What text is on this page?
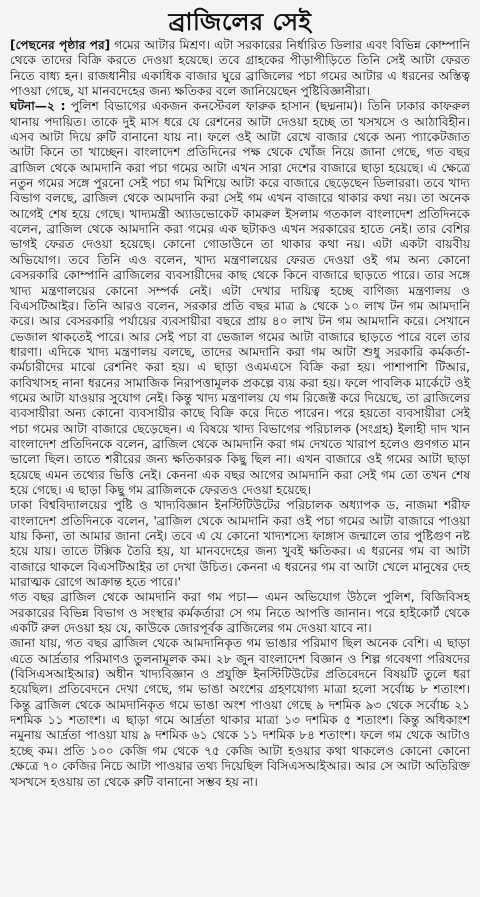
ব্রাজিলের সেই

[পেছনের পৃষ্ঠার পর] গমের আটার মিশ্রণ। এটা সরকারের নির্ধারিত ডিলার এবং বিভিন্ন কোম্পানি থেকে তাদের বিক্রি করতে দেওয়া হয়েছে। তবে গ্রাহকের পীড়াপীড়িতে তিনি সেই আটা ফেরত নিতে বাধ্য হন। রাজধানীর একাধিক বাজার ঘুরে ব্রাজিলের পচা গমের আটার এ ধরনের অস্তিত্ব পাওয়া গেছে, যা মানবদেহের জন্য ক্ষতিকর বলে জানিয়েছেন পুষ্টিবিজ্ঞানীরা।

ঘটনা—২ : পুলিশ বিভাগের একজন কনস্টেবল ফারুক হাসান (ছদ্মনাম)। তিনি ঢাকার কাফরুল থানায় পদায়িত। তাকে দুই মাস ধরে যে রেশনের আটা দেওয়া হচ্ছে তা খসখসে ও আঠাবিহীন। এসব আটা দিয়ে রুটি বানানো যায় না। ফলে ওই আটা রেখে বাজার থেকে অন্য প্যাকেটজাত আটা কিনে তা খাচ্ছেন। বাংলাদেশ প্রতিদিনের পক্ষ থেকে খোঁজ নিয়ে জানা গেছে, গত বছর ব্রাজিল থেকে আমদানি করা পচা গমের আটা এখন সারা দেশের বাজারে ছাড়া হয়েছে। এ ক্ষেত্রে নতুন গমের সঙ্গে পুরনো সেই পচা গম মিশিয়ে আটা করে বাজারে ছেড়েছেন ডিলাররা। তবে খাদ্য বিভাগ বলছে, ব্রাজিল থেকে আমদানি করা সেই গম এখন বাজারে থাকার কথা নয়। তা অনেক আগেই শেষ হয়ে গেছে। খাদ্যমন্ত্রী অ্যাডভোকেট কামরুল ইসলাম গতকাল বাংলাদেশ প্রতিদিনকে বলেন, ব্রাজিল থেকে আমদানি করা গমের এক ছটাকও এখন সরকারের হাতে নেই। তার বেশির ভাগই ফেরত দেওয়া হয়েছে। কোনো গোডাউনে তা থাকার কথা নয়। এটা একটা বায়বীয় অভিযোগ। তবে তিনি এও বলেন, খাদ্য মন্ত্রণালয়ের ফেরত দেওয়া ওই গম অন্য কোনো বেসরকারি কোম্পানি ব্রাজিলের ব্যবসায়ীদের কাছ থেকে কিনে বাজারে ছাড়তে পারে। তার সঙ্গে খাদ্য মন্ত্রণালয়ের কোনো সম্পর্ক নেই। এটা দেখার দায়িত্ব হচ্ছে বাণিজ্য মন্ত্রণালয় ও বিএসটিআইর। তিনি আরও বলেন, সরকার প্রতি বছর মাত্র ৯ থেকে ১০ লাখ টন গম আমদানি করে। আর বেসরকারি পর্যায়ের ব্যবসায়ীরা বছরে প্রায় ৪০ লাখ টন গম আমদানি করে। সেখানে ভেজাল থাকতেই পারে। আর সেই পচা বা ভেজাল গমের আটা বাজারে ছাড়তে পারে বলে তার ধারণা। এদিকে খাদ্য মন্ত্রণালয় বলছে, তাদের আমদানি করা গম আটা শুধু সরকারি কর্মকর্তা-কর্মচারীদের মাঝে রেশনিং করা হয়। এ ছাড়া ওএমএসে বিক্রি করা হয়। পাশাপাশি টিআর, কাবিখাসহ নানা ধরনের সামাজিক নিরাপত্তামূলক প্রকল্পে ব্যয় করা হয়। ফলে পাবলিক মার্কেটে ওই গমের আটা যাওয়ার সুযোগ নেই। কিন্তু খাদ্য মন্ত্রণালয় যে গম রিজেক্ট করে দিয়েছে, তা ব্রাজিলের ব্যবসায়ীরা অন্য কোনো ব্যবসায়ীর কাছে বিক্রি করে দিতে পারেন। পরে হয়তো ব্যবসায়ীরা সেই পচা গমের আটা বাজারে ছেড়েছেন। এ বিষয়ে খাদ্য বিভাগের পরিচালক (সংগ্রহ) ইলাহী দাদ খান বাংলাদেশ প্রতিদিনকে বলেন, ব্রাজিল থেকে আমদানি করা গম দেখতে খারাপ হলেও গুণগত মান ভালো ছিল। তাতে শরীরের জন্য ক্ষতিকারক কিছু ছিল না। এখন বাজারে ওই গমের আটা ছাড়া হয়েছে এমন তথ্যের ভিত্তি নেই। কেননা এক বছর আগের আমদানি করা সেই গম তো তখন শেষ হয়ে গেছে। এ ছাড়া কিছু গম ব্রাজিলকে ফেরতও দেওয়া হয়েছে।

ঢাকা বিশ্ববিদ্যালয়ের পুষ্টি ও খাদ্যবিজ্ঞান ইনস্টিটিউটের পরিচালক অধ্যাপক ড. নাজমা শরীফ বাংলাদেশ প্রতিদিনকে বলেন, 'ব্রাজিল থেকে আমদানি করা ওই পচা গমের আটা বাজারে পাওয়া যায় কিনা, তা আমার জানা নেই। তবে এ যে কোনো খাদ্যশস্যে ফাঙ্গাস জন্মালে তার পুষ্টিগুণ নষ্ট হয়ে যায়। তাতে টক্সিক তৈরি হয়, যা মানবদেহের জন্য খুবই ক্ষতিকর। এ ধরনের গম বা আটা বাজারে থাকলে বিএসটিআইর তা দেখা উচিত। কেননা এ ধরনের গম বা আটা খেলে মানুষের দেহ মারাত্মক রোগে আক্রান্ত হতে পারে।'

গত বছর ব্রাজিল থেকে আমদানি করা গম পচা— এমন অভিযোগ উঠলে পুলিশ, বিজিবিসহ সরকারের বিভিন্ন বিভাগ ও সংস্থার কর্মকর্তারা সে গম নিতে আপত্তি জানান। পরে হাইকোর্ট থেকে একটি রুল দেওয়া হয় যে, কাউকে জোরপূর্বক ব্রাজিলের গম দেওয়া যাবে না।

জানা যায়, গত বছর ব্রাজিল থেকে আমদানিকৃত গম ভাঙার পরিমাণ ছিল অনেক বেশি। এ ছাড়া এতে আর্দ্রতার পরিমাণও তুলনামূলক কম। ২৮ জুন বাংলাদেশ বিজ্ঞান ও শিল্প গবেষণা পরিষদের (বিসিএসআইআর) অধীন খাদ্যবিজ্ঞান ও প্রযুক্তি ইনস্টিটিউটের প্রতিবেদনে বিষয়টি তুলে ধরা হয়েছিল। প্রতিবেদনে দেখা গেছে, গম ভাঙা অংশের গ্রহণযোগ্য মাত্রা হলো সর্বোচ্চ ৮ শতাংশ। কিন্তু ব্রাজিল থেকে আমদানিকৃত গমে ভাঙা অংশ পাওয়া গেছে ৯ দশমিক ৯৩ থেকে সর্বোচ্চ ২১ দশমিক ১১ শতাংশ। এ ছাড়া গমে আর্দ্রতা থাকার মাত্রা ১৩ দশমিক ৫ শতাংশ। কিন্তু অধিকাংশ নমুনায় আর্দ্রতা পাওয়া যায় ৯ দশমিক ৬১ থেকে ১১ দশমিক ৮৪ শতাংশ। ফলে গম থেকে আটাও হচ্ছে কম। প্রতি ১০০ কেজি গম থেকে ৭৫ কেজি আটা হওয়ার কথা থাকলেও কোনো কোনো ক্ষেত্রে ৭০ কেজির নিচে আটা পাওয়ার তথ্য দিয়েছিল বিসিএসআইআর। আর সে আটা অতিরিক্ত খসখসে হওয়ায় তা থেকে রুটি বানানো সম্ভব হয় না।
